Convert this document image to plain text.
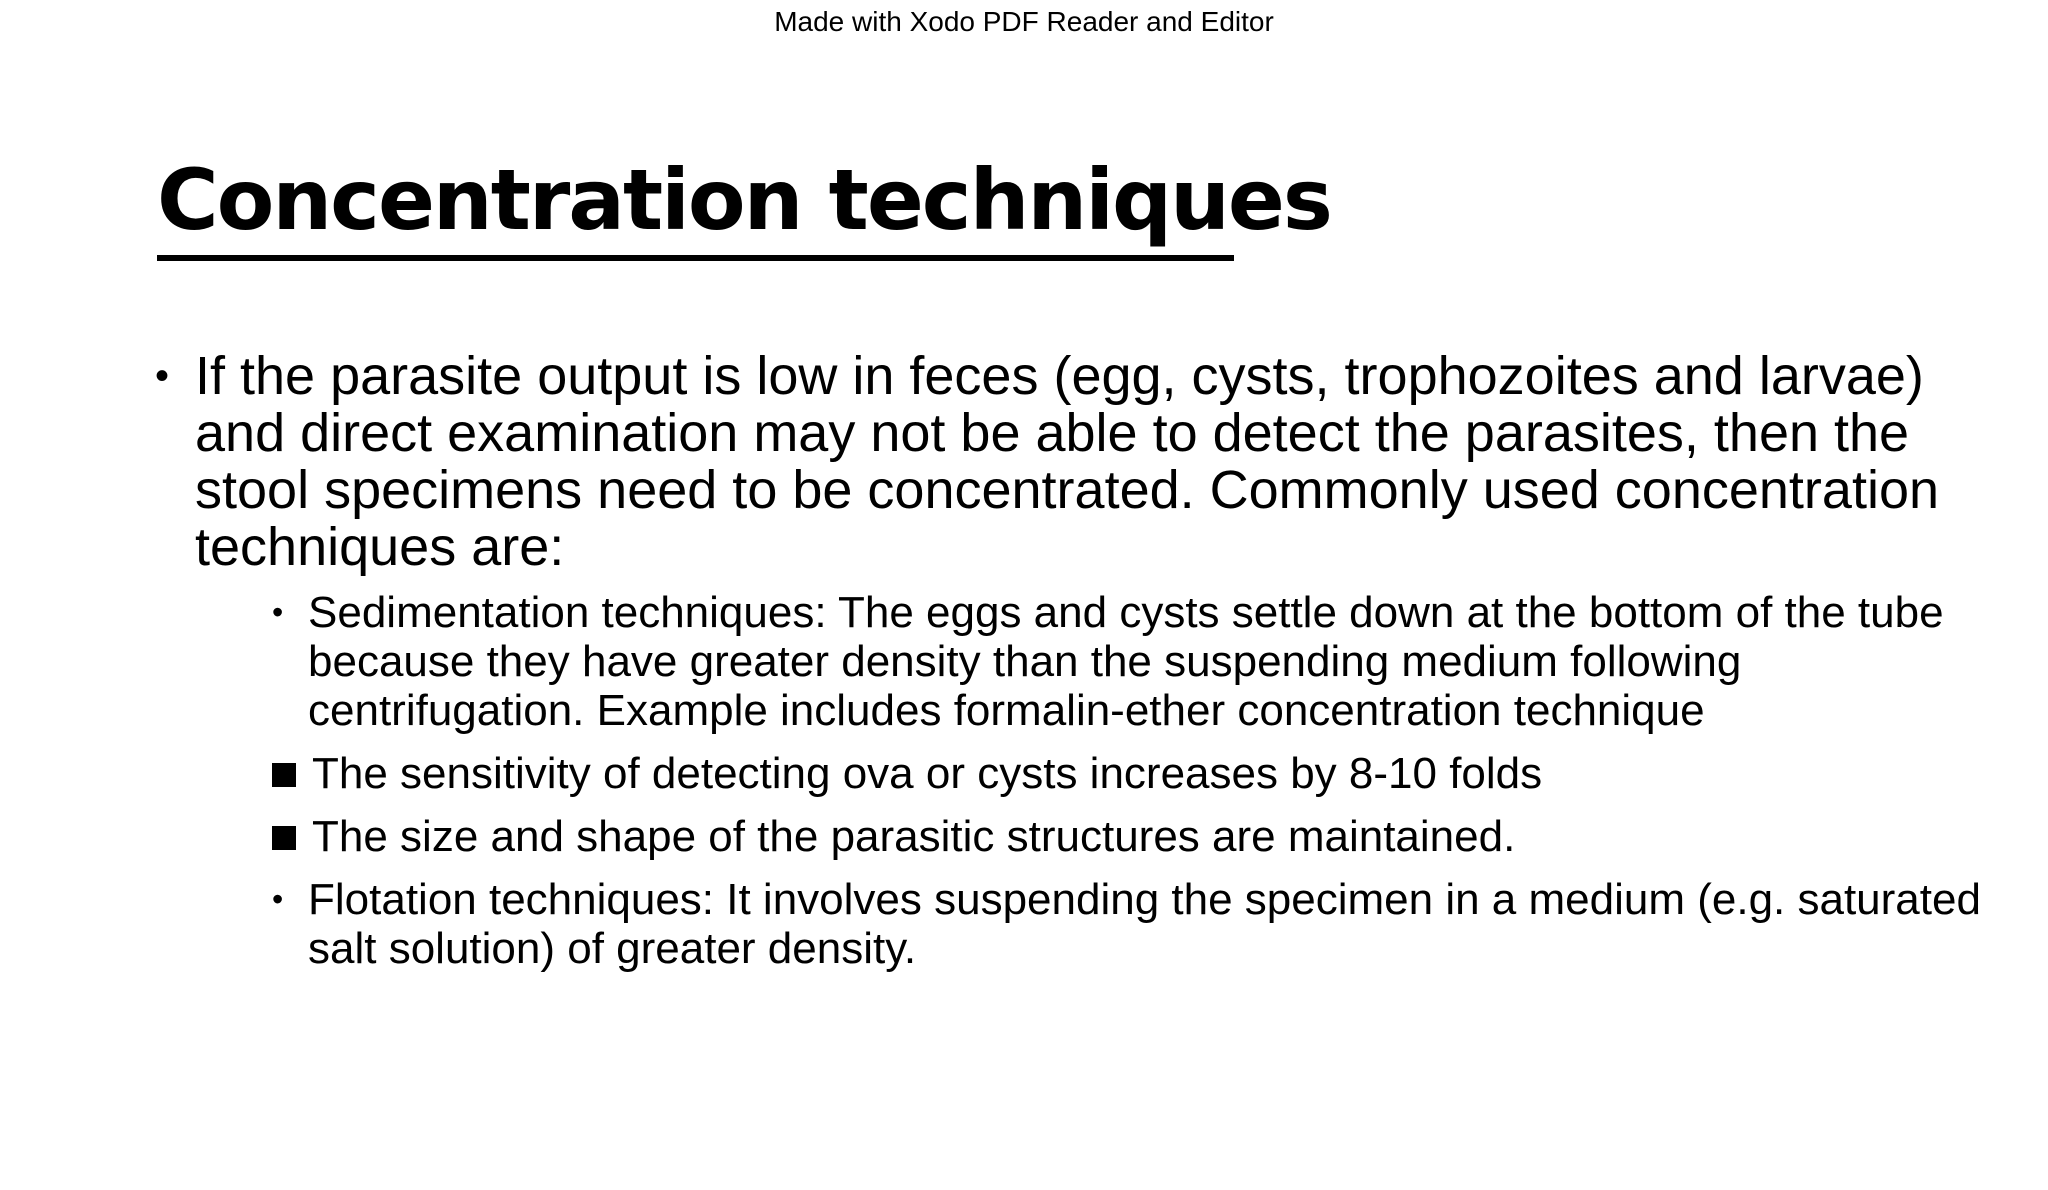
Made with Xodo PDF Reader and Editor
Concentration techniques
• If the parasite output is low in feces (egg, cysts, trophozoites and larvae) and direct examination may not be able to detect the parasites, then the stool specimens need to be concentrated. Commonly used concentration techniques are:
• Sedimentation techniques: The eggs and cysts settle down at the bottom of the tube because they have greater density than the suspending medium following centrifugation. Example includes formalin-ether concentration technique
The sensitivity of detecting ova or cysts increases by 8-10 folds
The size and shape of the parasitic structures are maintained.
• Flotation techniques: It involves suspending the specimen in a medium (e.g. saturated salt solution) of greater density.
